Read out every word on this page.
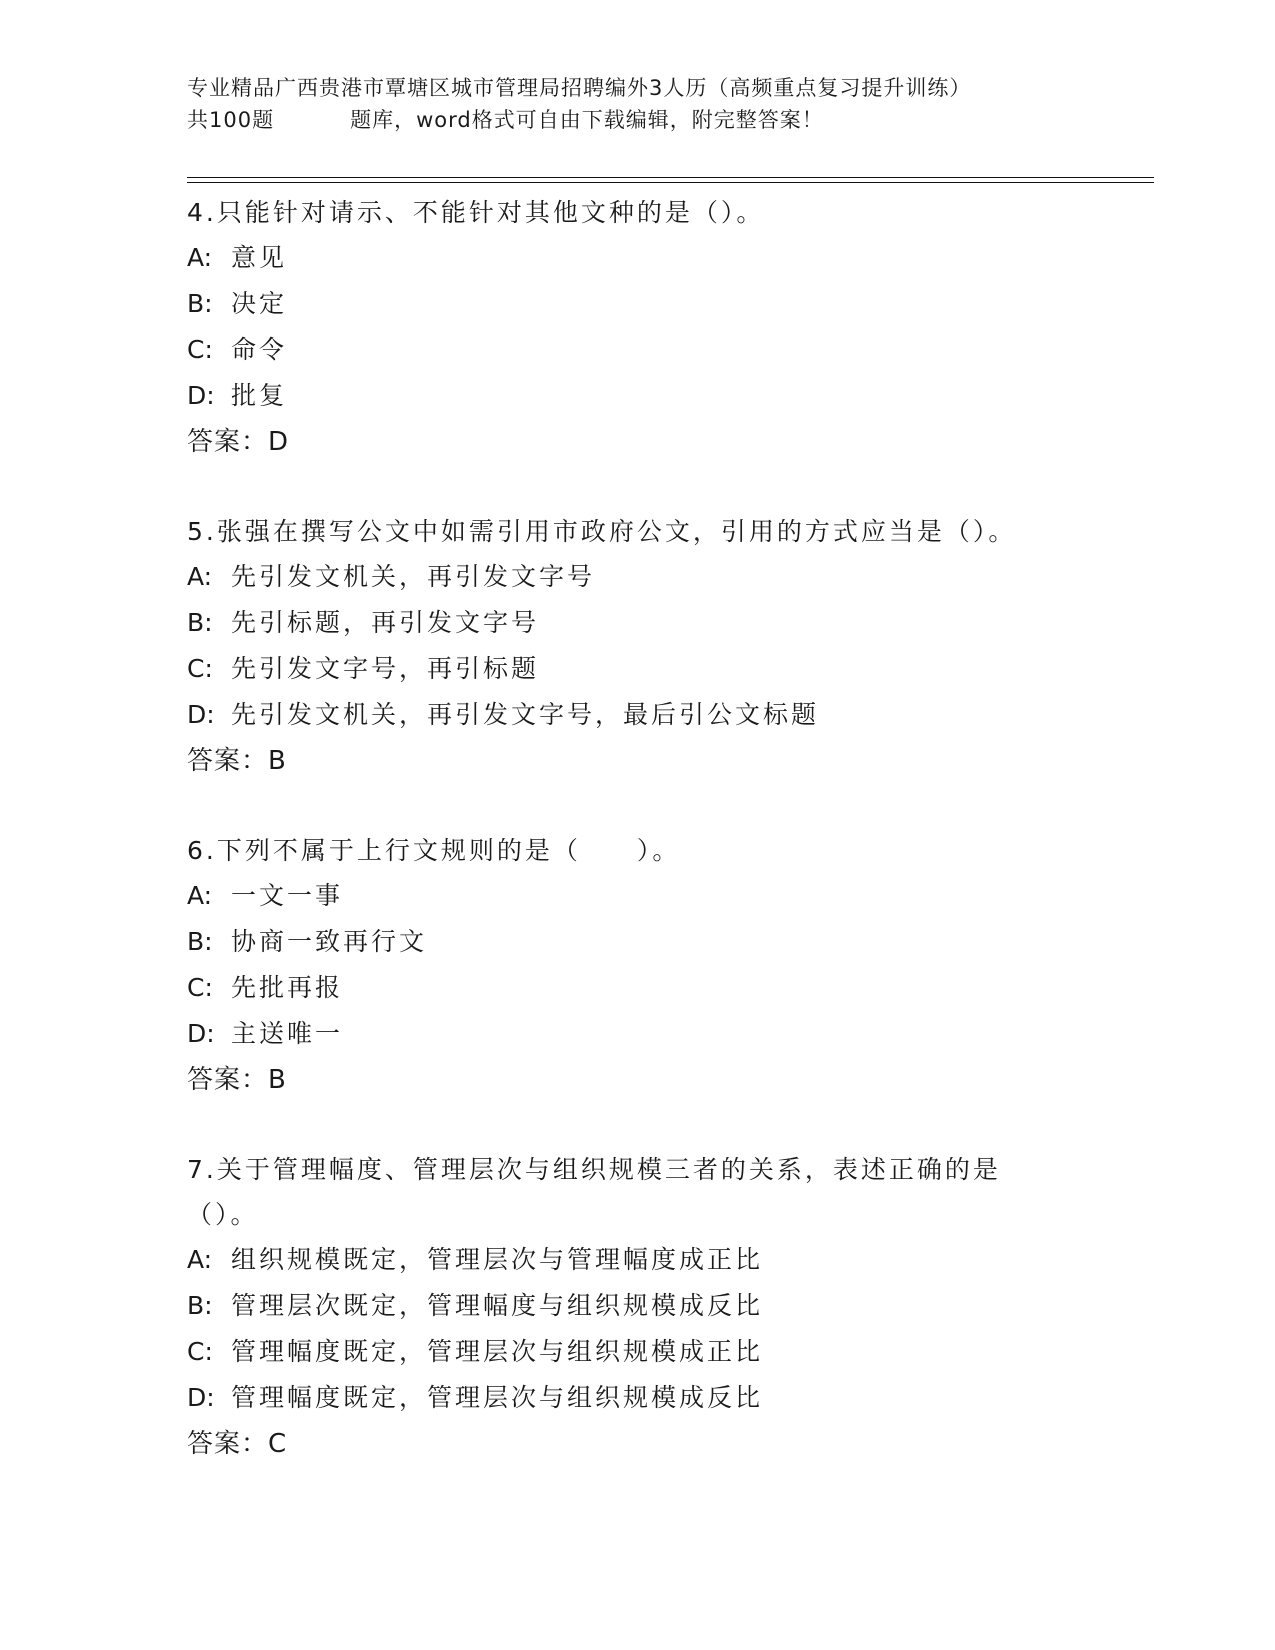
专业精品广西贵港市覃塘区城市管理局招聘编外3人历（高频重点复习提升训练）
共100题	题库，word格式可自由下载编辑，附完整答案！

4.只能针对请示、不能针对其他文种的是（）。

A: 意见

B: 决定

C: 命令

D: 批复

答案：D

5.张强在撰写公文中如需引用市政府公文，引用的方式应当是（）。

A: 先引发文机关，再引发文字号

B: 先引标题，再引发文字号

C: 先引发文字号，再引标题

D: 先引发文机关，再引发文字号，最后引公文标题

答案：B

6.下列不属于上行文规则的是（　　）。

A: 一文一事

B: 协商一致再行文

C: 先批再报

D: 主送唯一

答案：B

7.关于管理幅度、管理层次与组织规模三者的关系，表述正确的是（）。

A: 组织规模既定，管理层次与管理幅度成正比

B: 管理层次既定，管理幅度与组织规模成反比

C: 管理幅度既定，管理层次与组织规模成正比

D: 管理幅度既定，管理层次与组织规模成反比

答案：C
